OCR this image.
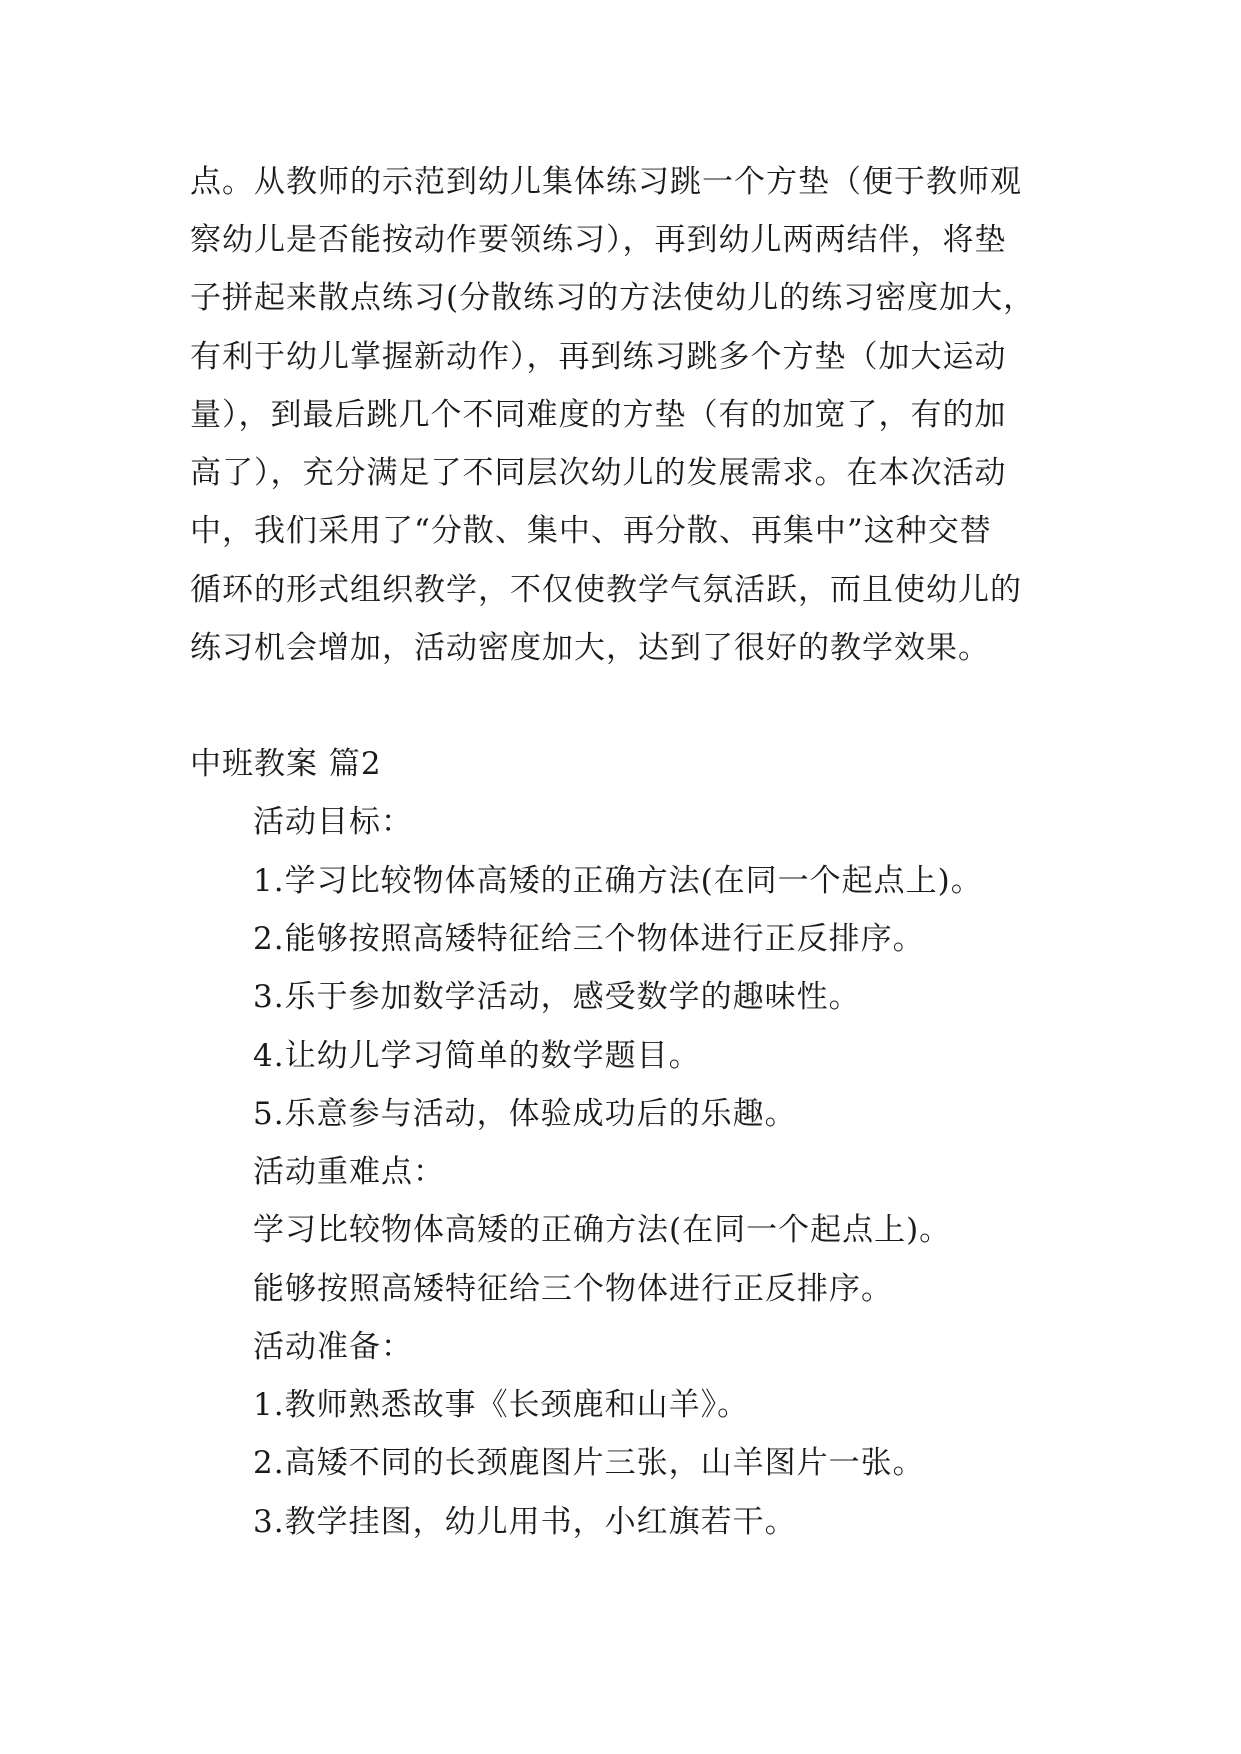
点。从教师的示范到幼儿集体练习跳一个方垫（便于教师观
察幼儿是否能按动作要领练习），再到幼儿两两结伴，将垫
子拼起来散点练习(分散练习的方法使幼儿的练习密度加大，
有利于幼儿掌握新动作），再到练习跳多个方垫（加大运动
量），到最后跳几个不同难度的方垫（有的加宽了，有的加
高了），充分满足了不同层次幼儿的发展需求。在本次活动
中，我们采用了“分散、集中、再分散、再集中”这种交替
循环的形式组织教学，不仅使教学气氛活跃，而且使幼儿的
练习机会增加，活动密度加大，达到了很好的教学效果。
中班教案 篇2
活动目标：
1.学习比较物体高矮的正确方法(在同一个起点上)。
2.能够按照高矮特征给三个物体进行正反排序。
3.乐于参加数学活动，感受数学的趣味性。
4.让幼儿学习简单的数学题目。
5.乐意参与活动，体验成功后的乐趣。
活动重难点：
学习比较物体高矮的正确方法(在同一个起点上)。
能够按照高矮特征给三个物体进行正反排序。
活动准备：
1.教师熟悉故事《长颈鹿和山羊》。
2.高矮不同的长颈鹿图片三张，山羊图片一张。
3.教学挂图，幼儿用书，小红旗若干。
